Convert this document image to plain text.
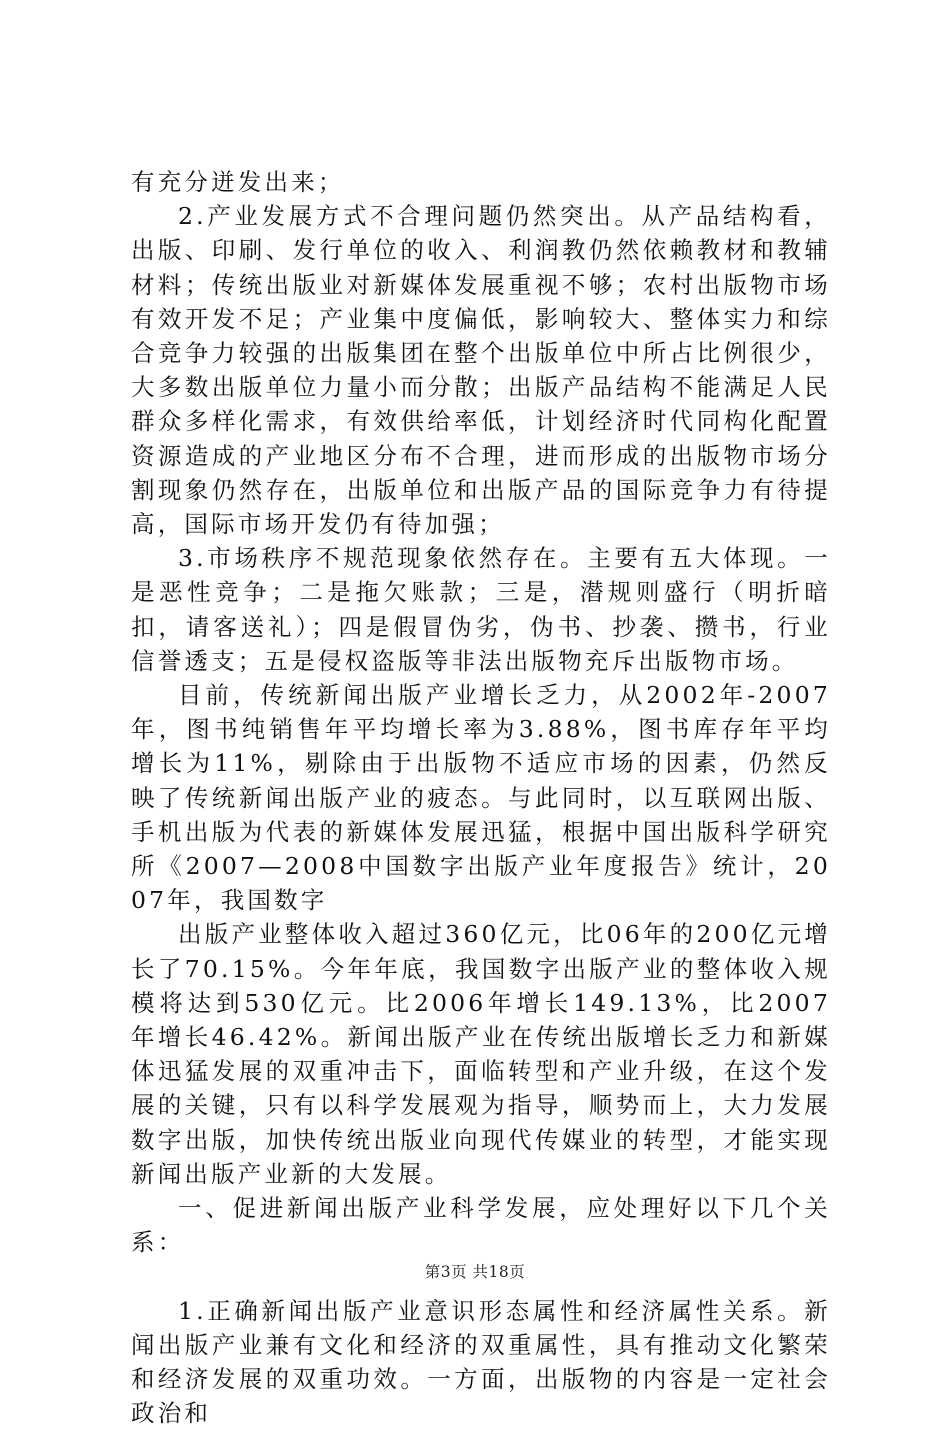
有充分迸发出来；

2.产业发展方式不合理问题仍然突出。从产品结构看，出版、印刷、发行单位的收入、利润教仍然依赖教材和教辅材料；传统出版业对新媒体发展重视不够；农村出版物市场有效开发不足；产业集中度偏低，影响较大、整体实力和综合竞争力较强的出版集团在整个出版单位中所占比例很少，大多数出版单位力量小而分散；出版产品结构不能满足人民群众多样化需求，有效供给率低，计划经济时代同构化配置资源造成的产业地区分布不合理，进而形成的出版物市场分割现象仍然存在，出版单位和出版产品的国际竞争力有待提高，国际市场开发仍有待加强；

3.市场秩序不规范现象依然存在。主要有五大体现。一是恶性竞争；二是拖欠账款；三是，潜规则盛行（明折暗扣，请客送礼）；四是假冒伪劣，伪书、抄袭、攒书，行业信誉透支；五是侵权盗版等非法出版物充斥出版物市场。

目前，传统新闻出版产业增长乏力，从2002年-2007年，图书纯销售年平均增长率为3.88%，图书库存年平均增长为11%，剔除由于出版物不适应市场的因素，仍然反映了传统新闻出版产业的疲态。与此同时，以互联网出版、手机出版为代表的新媒体发展迅猛，根据中国出版科学研究所《2007—2008中国数字出版产业年度报告》统计，2007年，我国数字

出版产业整体收入超过360亿元，比06年的200亿元增长了70.15%。今年年底，我国数字出版产业的整体收入规模将达到530亿元。比2006年增长149.13%，比2007年增长46.42%。新闻出版产业在传统出版增长乏力和新媒体迅猛发展的双重冲击下，面临转型和产业升级，在这个发展的关键，只有以科学发展观为指导，顺势而上，大力发展数字出版，加快传统出版业向现代传媒业的转型，才能实现新闻出版产业新的大发展。

一、促进新闻出版产业科学发展，应处理好以下几个关系：

1.正确新闻出版产业意识形态属性和经济属性关系。新闻出版产业兼有文化和经济的双重属性，具有推动文化繁荣和经济发展的双重功效。一方面，出版物的内容是一定社会政治和

第3页 共18页
